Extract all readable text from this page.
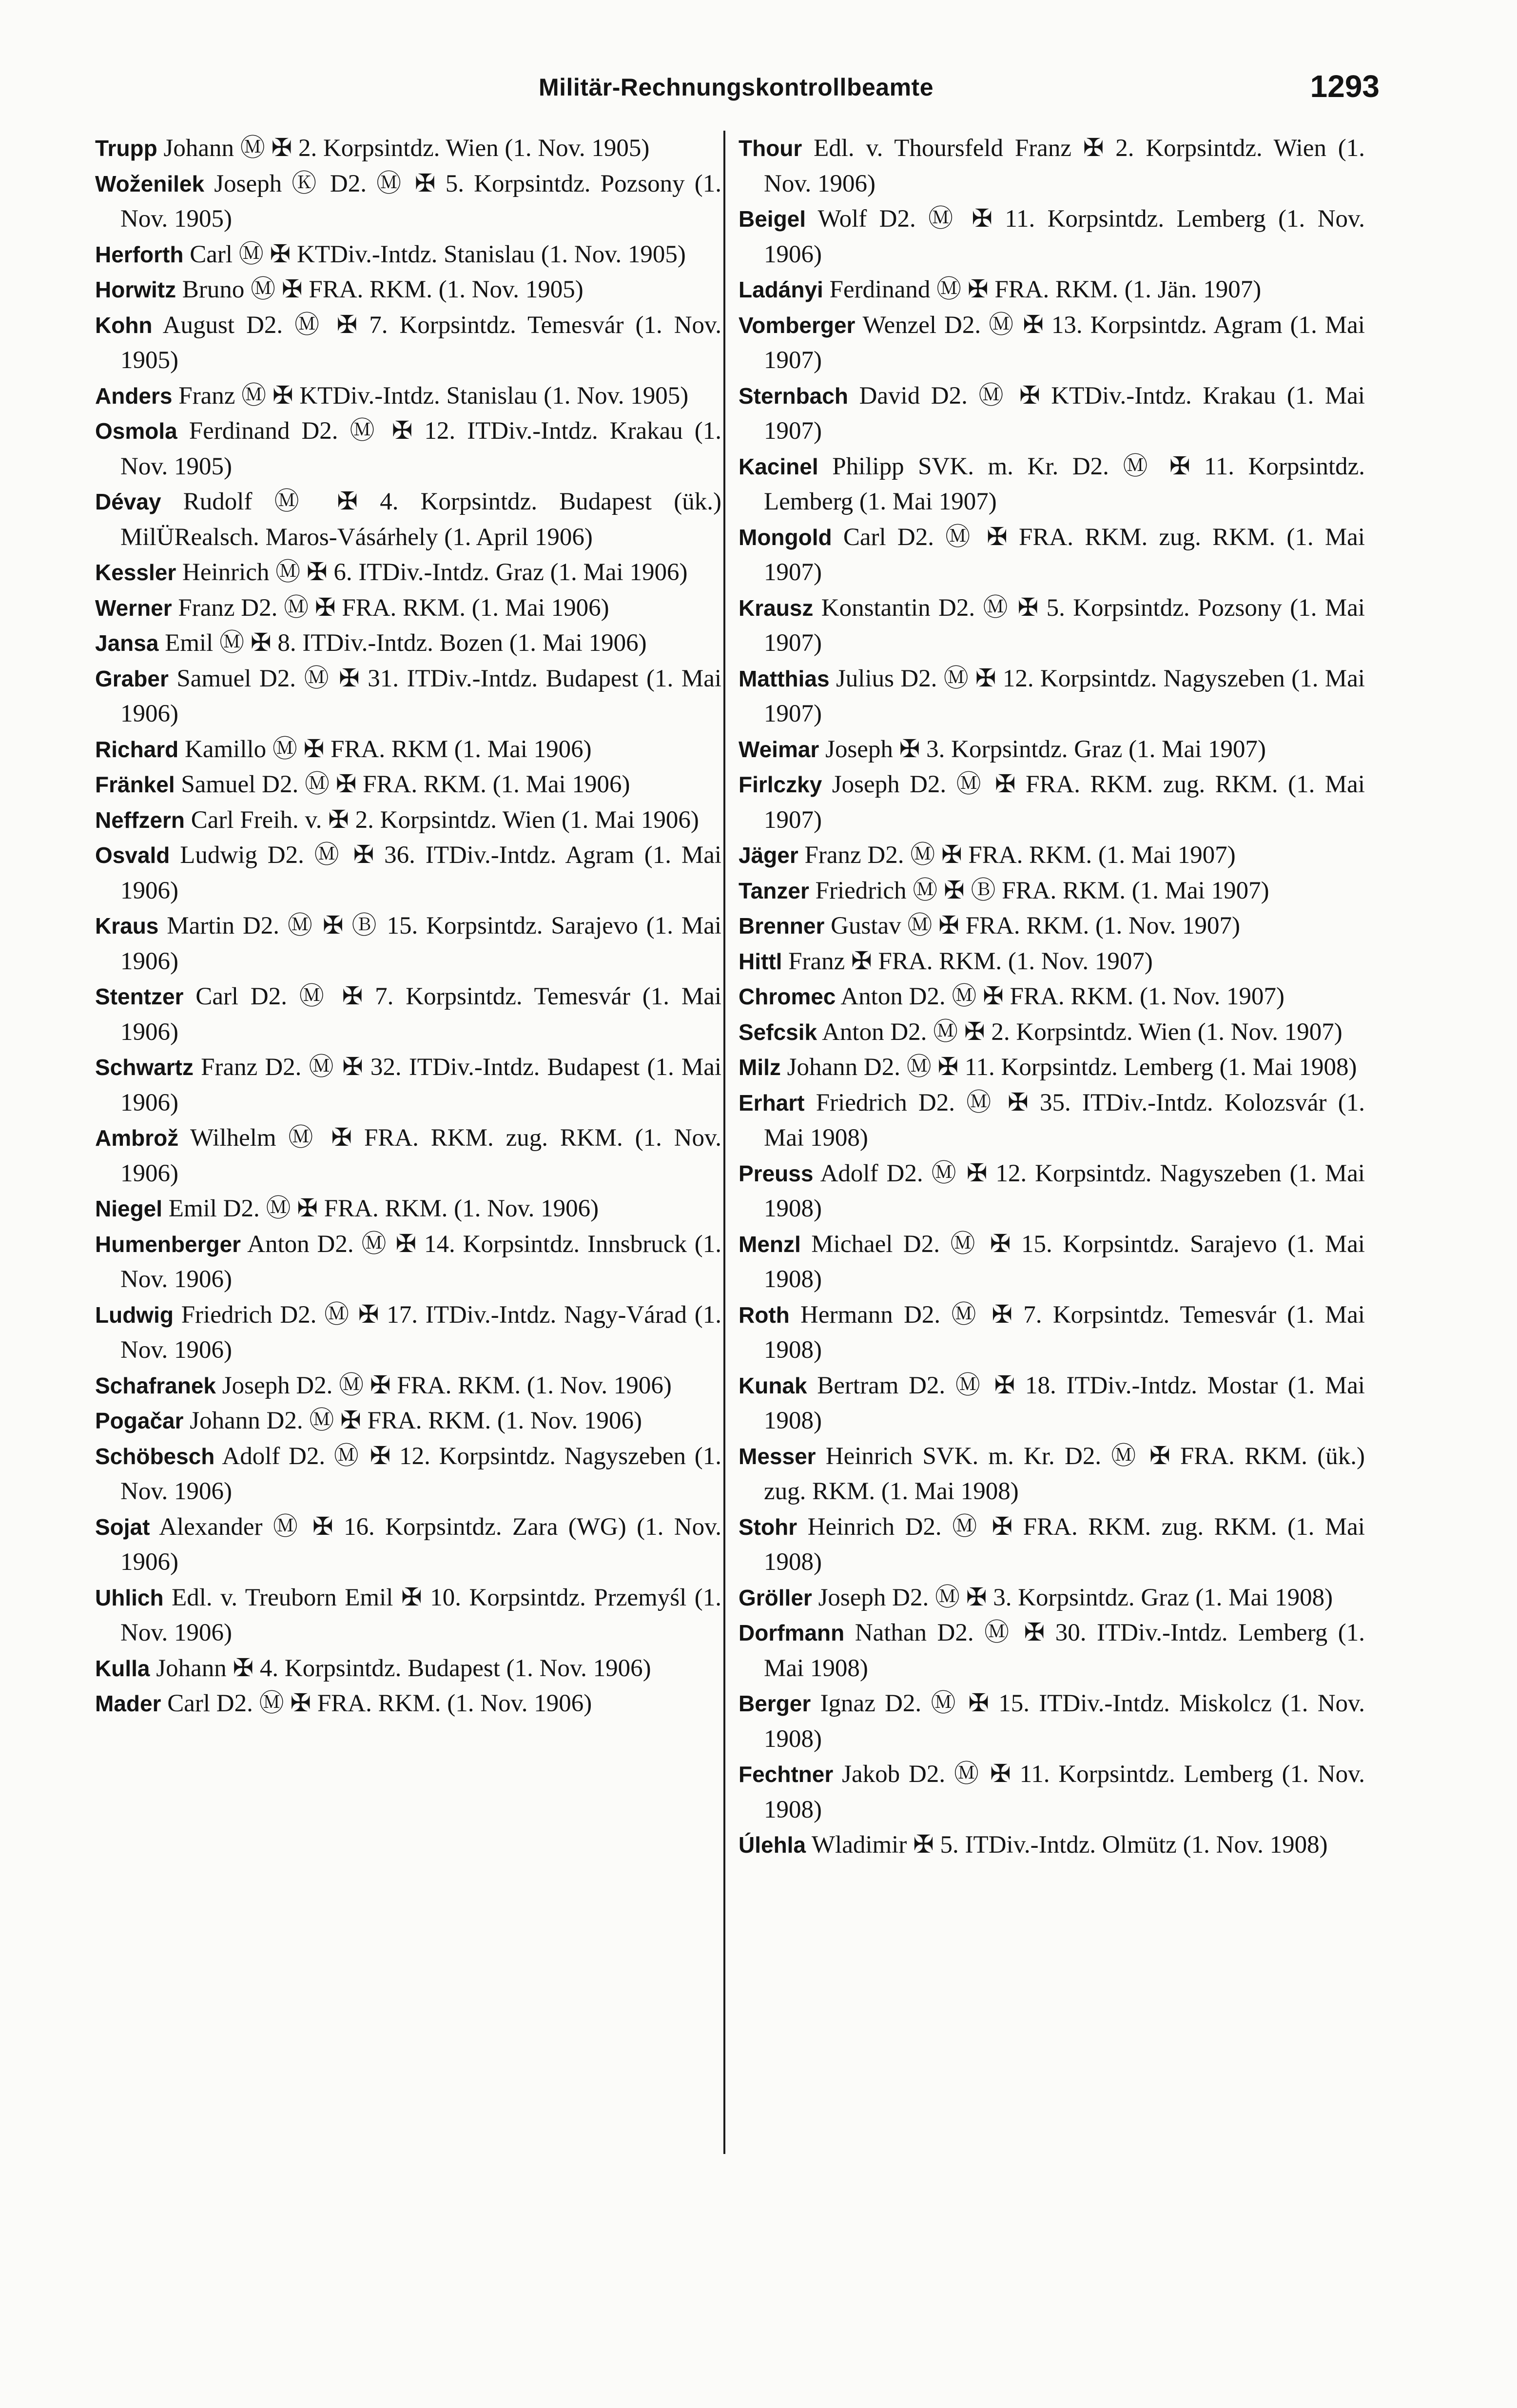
Militär-Rechnungskontrollbeamte	1293
Trupp Johann Ⓜ ✠ 2. Korpsintdz. Wien (1. Nov. 1905)
Woženilek Joseph Ⓚ D2. Ⓜ ✠ 5. Korpsintdz. Pozsony (1. Nov. 1905)
Herforth Carl Ⓜ ✠ KTDiv.-Intdz. Stanislau (1. Nov. 1905)
Horwitz Bruno Ⓜ ✠ FRA. RKM. (1. Nov. 1905)
Kohn August D2. Ⓜ ✠ 7. Korpsintdz. Temesvár (1. Nov. 1905)
Anders Franz Ⓜ ✠ KTDiv.-Intdz. Stanislau (1. Nov. 1905)
Osmola Ferdinand D2. Ⓜ ✠ 12. ITDiv.-Intdz. Krakau (1. Nov. 1905)
Dévay Rudolf Ⓜ ✠ 4. Korpsintdz. Budapest (ük.) MilÜRealsch. Maros-Vásárhely (1. April 1906)
Kessler Heinrich Ⓜ ✠ 6. ITDiv.-Intdz. Graz (1. Mai 1906)
Werner Franz D2. Ⓜ ✠ FRA. RKM. (1. Mai 1906)
Jansa Emil Ⓜ ✠ 8. ITDiv.-Intdz. Bozen (1. Mai 1906)
Graber Samuel D2. Ⓜ ✠ 31. ITDiv.-Intdz. Budapest (1. Mai 1906)
Richard Kamillo Ⓜ ✠ FRA. RKM (1. Mai 1906)
Fränkel Samuel D2. Ⓜ ✠ FRA. RKM. (1. Mai 1906)
Neffzern Carl Freih. v. ✠ 2. Korpsintdz. Wien (1. Mai 1906)
Osvald Ludwig D2. Ⓜ ✠ 36. ITDiv.-Intdz. Agram (1. Mai 1906)
Kraus Martin D2. Ⓜ ✠ Ⓑ 15. Korpsintdz. Sarajevo (1. Mai 1906)
Stentzer Carl D2. Ⓜ ✠ 7. Korpsintdz. Temesvár (1. Mai 1906)
Schwartz Franz D2. Ⓜ ✠ 32. ITDiv.-Intdz. Budapest (1. Mai 1906)
Ambrož Wilhelm Ⓜ ✠ FRA. RKM. zug. RKM. (1. Nov. 1906)
Niegel Emil D2. Ⓜ ✠ FRA. RKM. (1. Nov. 1906)
Humenberger Anton D2. Ⓜ ✠ 14. Korpsintdz. Innsbruck (1. Nov. 1906)
Ludwig Friedrich D2. Ⓜ ✠ 17. ITDiv.-Intdz. Nagy-Várad (1. Nov. 1906)
Schafranek Joseph D2. Ⓜ ✠ FRA. RKM. (1. Nov. 1906)
Pogačar Johann D2. Ⓜ ✠ FRA. RKM. (1. Nov. 1906)
Schöbesch Adolf D2. Ⓜ ✠ 12. Korpsintdz. Nagyszeben (1. Nov. 1906)
Sojat Alexander Ⓜ ✠ 16. Korpsintdz. Zara (WG) (1. Nov. 1906)
Uhlich Edl. v. Treuborn Emil ✠ 10. Korpsintdz. Przemyśl (1. Nov. 1906)
Kulla Johann ✠ 4. Korpsintdz. Budapest (1. Nov. 1906)
Mader Carl D2. Ⓜ ✠ FRA. RKM. (1. Nov. 1906)
Thour Edl. v. Thoursfeld Franz ✠ 2. Korpsintdz. Wien (1. Nov. 1906)
Beigel Wolf D2. Ⓜ ✠ 11. Korpsintdz. Lemberg (1. Nov. 1906)
Ladányi Ferdinand Ⓜ ✠ FRA. RKM. (1. Jän. 1907)
Vomberger Wenzel D2. Ⓜ ✠ 13. Korpsintdz. Agram (1. Mai 1907)
Sternbach David D2. Ⓜ ✠ KTDiv.-Intdz. Krakau (1. Mai 1907)
Kacinel Philipp SVK. m. Kr. D2. Ⓜ ✠ 11. Korpsintdz. Lemberg (1. Mai 1907)
Mongold Carl D2. Ⓜ ✠ FRA. RKM. zug. RKM. (1. Mai 1907)
Krausz Konstantin D2. Ⓜ ✠ 5. Korpsintdz. Pozsony (1. Mai 1907)
Matthias Julius D2. Ⓜ ✠ 12. Korpsintdz. Nagyszeben (1. Mai 1907)
Weimar Joseph ✠ 3. Korpsintdz. Graz (1. Mai 1907)
Firlczky Joseph D2. Ⓜ ✠ FRA. RKM. zug. RKM. (1. Mai 1907)
Jäger Franz D2. Ⓜ ✠ FRA. RKM. (1. Mai 1907)
Tanzer Friedrich Ⓜ ✠ Ⓑ FRA. RKM. (1. Mai 1907)
Brenner Gustav Ⓜ ✠ FRA. RKM. (1. Nov. 1907)
Hittl Franz ✠ FRA. RKM. (1. Nov. 1907)
Chromec Anton D2. Ⓜ ✠ FRA. RKM. (1. Nov. 1907)
Sefcsik Anton D2. Ⓜ ✠ 2. Korpsintdz. Wien (1. Nov. 1907)
Milz Johann D2. Ⓜ ✠ 11. Korpsintdz. Lemberg (1. Mai 1908)
Erhart Friedrich D2. Ⓜ ✠ 35. ITDiv.-Intdz. Kolozsvár (1. Mai 1908)
Preuss Adolf D2. Ⓜ ✠ 12. Korpsintdz. Nagyszeben (1. Mai 1908)
Menzl Michael D2. Ⓜ ✠ 15. Korpsintdz. Sarajevo (1. Mai 1908)
Roth Hermann D2. Ⓜ ✠ 7. Korpsintdz. Temesvár (1. Mai 1908)
Kunak Bertram D2. Ⓜ ✠ 18. ITDiv.-Intdz. Mostar (1. Mai 1908)
Messer Heinrich SVK. m. Kr. D2. Ⓜ ✠ FRA. RKM. (ük.) zug. RKM. (1. Mai 1908)
Stohr Heinrich D2. Ⓜ ✠ FRA. RKM. zug. RKM. (1. Mai 1908)
Gröller Joseph D2. Ⓜ ✠ 3. Korpsintdz. Graz (1. Mai 1908)
Dorfmann Nathan D2. Ⓜ ✠ 30. ITDiv.-Intdz. Lemberg (1. Mai 1908)
Berger Ignaz D2. Ⓜ ✠ 15. ITDiv.-Intdz. Miskolcz (1. Nov. 1908)
Fechtner Jakob D2. Ⓜ ✠ 11. Korpsintdz. Lemberg (1. Nov. 1908)
Úlehla Wladimir ✠ 5. ITDiv.-Intdz. Olmütz (1. Nov. 1908)
